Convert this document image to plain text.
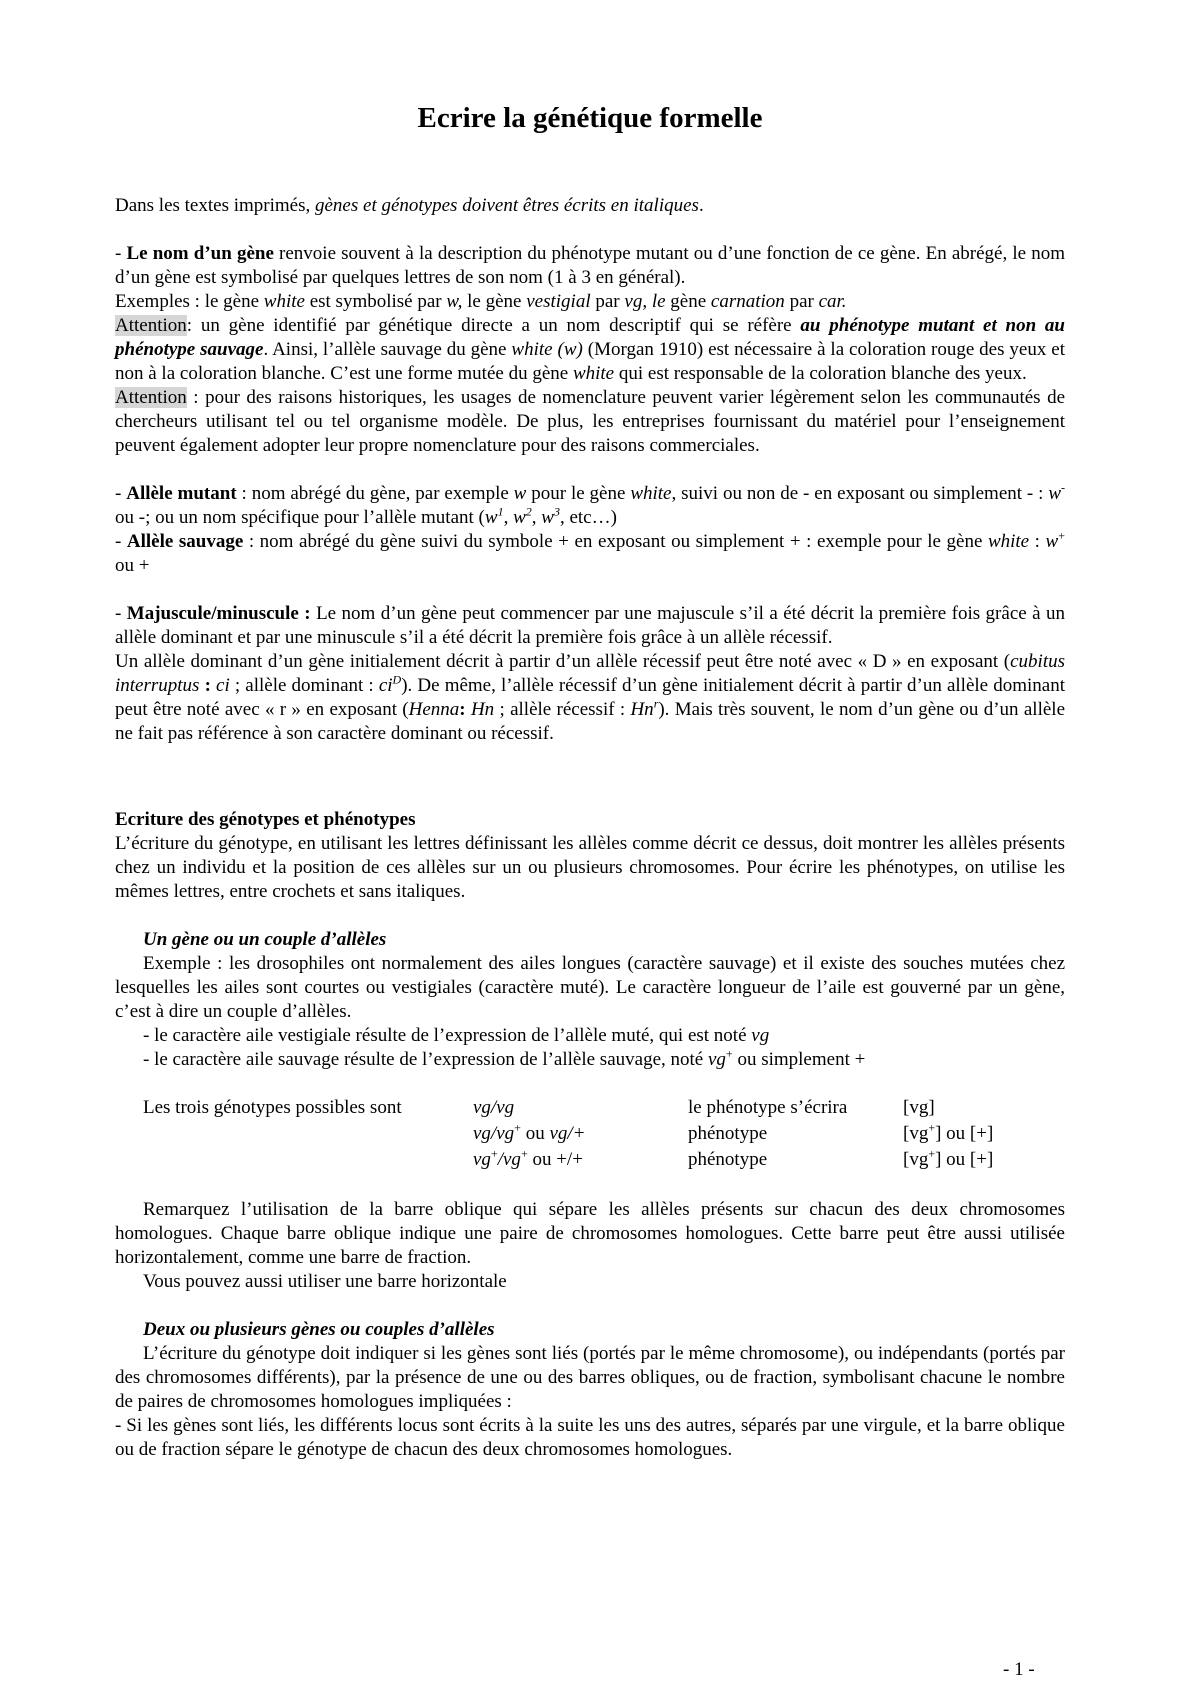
Ecrire la génétique formelle

Dans les textes imprimés, gènes et génotypes doivent êtres écrits en italiques.

- Le nom d’un gène renvoie souvent à la description du phénotype mutant ou d’une fonction de ce gène. En abrégé, le nom d’un gène est symbolisé par quelques lettres de son nom (1 à 3 en général).

Exemples : le gène white est symbolisé par w, le gène vestigial par vg, le gène carnation par car.

Attention: un gène identifié par génétique directe a un nom descriptif qui se réfère au phénotype mutant et non au phénotype sauvage. Ainsi, l’allèle sauvage du gène white (w) (Morgan 1910) est nécessaire à la coloration rouge des yeux et non à la coloration blanche. C’est une forme mutée du gène white qui est responsable de la coloration blanche des yeux.

Attention : pour des raisons historiques, les usages de nomenclature peuvent varier légèrement selon les communautés de chercheurs utilisant tel ou tel organisme modèle. De plus, les entreprises fournissant du matériel pour l’enseignement peuvent également adopter leur propre nomenclature pour des raisons commerciales.

- Allèle mutant : nom abrégé du gène, par exemple w pour le gène white, suivi ou non de - en exposant ou simplement - : w- ou -; ou un nom spécifique pour l’allèle mutant ($w^1$, $w^2$, $w^3$, etc…)

- Allèle sauvage : nom abrégé du gène suivi du symbole + en exposant ou simplement + : exemple pour le gène white : w+ ou +

- Majuscule/minuscule : Le nom d’un gène peut commencer par une majuscule s’il a été décrit la première fois grâce à un allèle dominant et par une minuscule s’il a été décrit la première fois grâce à un allèle récessif.

Un allèle dominant d’un gène initialement décrit à partir d’un allèle récessif peut être noté avec « D » en exposant (cubitus interruptus : ci ; allèle dominant : $ci^D$). De même, l’allèle récessif d’un gène initialement décrit à partir d’un allèle dominant peut être noté avec « r » en exposant (Henna: Hn ; allèle récessif : Hn$^r$). Mais très souvent, le nom d’un gène ou d’un allèle ne fait pas référence à son caractère dominant ou récessif.

Ecriture des génotypes et phénotypes

L’écriture du génotype, en utilisant les lettres définissant les allèles comme décrit ce dessus, doit montrer les allèles présents chez un individu et la position de ces allèles sur un ou plusieurs chromosomes. Pour écrire les phénotypes, on utilise les mêmes lettres, entre crochets et sans italiques.

Un gène ou un couple d’allèles

Exemple : les drosophiles ont normalement des ailes longues (caractère sauvage) et il existe des souches mutées chez lesquelles les ailes sont courtes ou vestigiales (caractère muté). Le caractère longueur de l’aile est gouverné par un gène, c’est à dire un couple d’allèles.

- le caractère aile vestigiale résulte de l’expression de l’allèle muté, qui est noté vg

- le caractère aile sauvage résulte de l’expression de l’allèle sauvage, noté vg+ ou simplement +

Les trois génotypes possibles sont	vg/vg	le phénotype s’écrira	[vg]
	vg/vg+ ou vg/+	phénotype	[vg+] ou [+]
	vg+/vg+ ou +/+	phénotype	[vg+] ou [+]

Remarquez l’utilisation de la barre oblique qui sépare les allèles présents sur chacun des deux chromosomes homologues. Chaque barre oblique indique une paire de chromosomes homologues. Cette barre peut être aussi utilisée horizontalement, comme une barre de fraction.

Vous pouvez aussi utiliser une barre horizontale

Deux ou plusieurs gènes ou couples d’allèles

L’écriture du génotype doit indiquer si les gènes sont liés (portés par le même chromosome), ou indépendants (portés par des chromosomes différents), par la présence de une ou des barres obliques, ou de fraction, symbolisant chacune le nombre de paires de chromosomes homologues impliquées :

- Si les gènes sont liés, les différents locus sont écrits à la suite les uns des autres, séparés par une virgule, et la barre oblique ou de fraction sépare le génotype de chacun des deux chromosomes homologues.

- 1 -
